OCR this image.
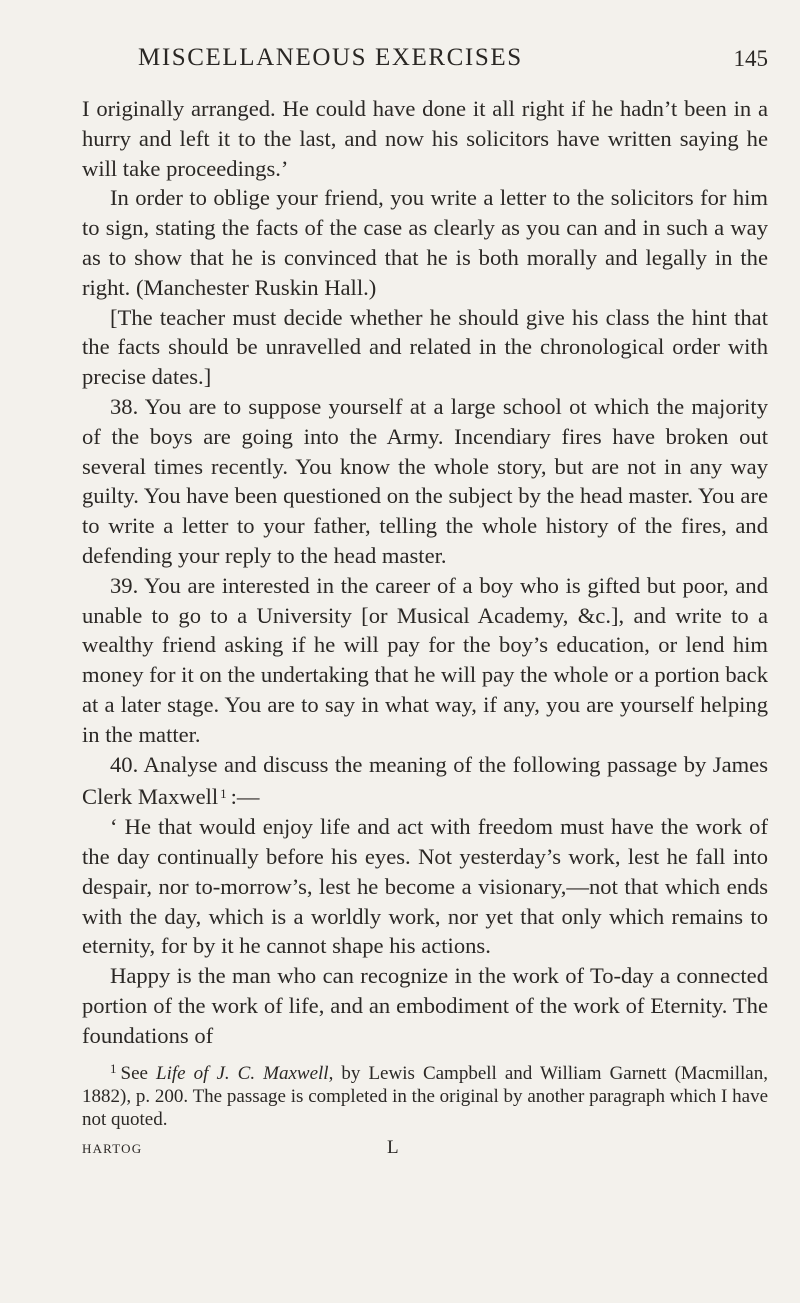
MISCELLANEOUS EXERCISES	145

I originally arranged. He could have done it all right if he hadn’t been in a hurry and left it to the last, and now his solicitors have written saying he will take proceedings.’

In order to oblige your friend, you write a letter to the solicitors for him to sign, stating the facts of the case as clearly as you can and in such a way as to show that he is convinced that he is both morally and legally in the right. (Manchester Ruskin Hall.)

[The teacher must decide whether he should give his class the hint that the facts should be unravelled and related in the chronological order with precise dates.]

38. You are to suppose yourself at a large school ot which the majority of the boys are going into the Army. Incendiary fires have broken out several times recently. You know the whole story, but are not in any way guilty. You have been questioned on the subject by the head master. You are to write a letter to your father, telling the whole history of the fires, and defending your reply to the head master.

39. You are interested in the career of a boy who is gifted but poor, and unable to go to a University [or Musical Academy, &c.], and write to a wealthy friend asking if he will pay for the boy’s education, or lend him money for it on the undertaking that he will pay the whole or a portion back at a later stage. You are to say in what way, if any, you are yourself helping in the matter.

40. Analyse and discuss the meaning of the following passage by James Clerk Maxwell  $^1$ :—

‘ He that would enjoy life and act with freedom must have the work of the day continually before his eyes. Not yesterday’s work, lest he fall into despair, nor to-morrow’s, lest he become a visionary,—not that which ends with the day, which is a worldly work, nor yet that only which remains to eternity, for by it he cannot shape his actions.

Happy is the man who can recognize in the work of To-day a connected portion of the work of life, and an embodiment of the work of Eternity. The foundations of

$^1$ See Life of J. C. Maxwell, by Lewis Campbell and William Garnett (Macmillan, 1882), p. 200. The passage is completed in the original by another paragraph which I have not quoted.

HARTOG	L
